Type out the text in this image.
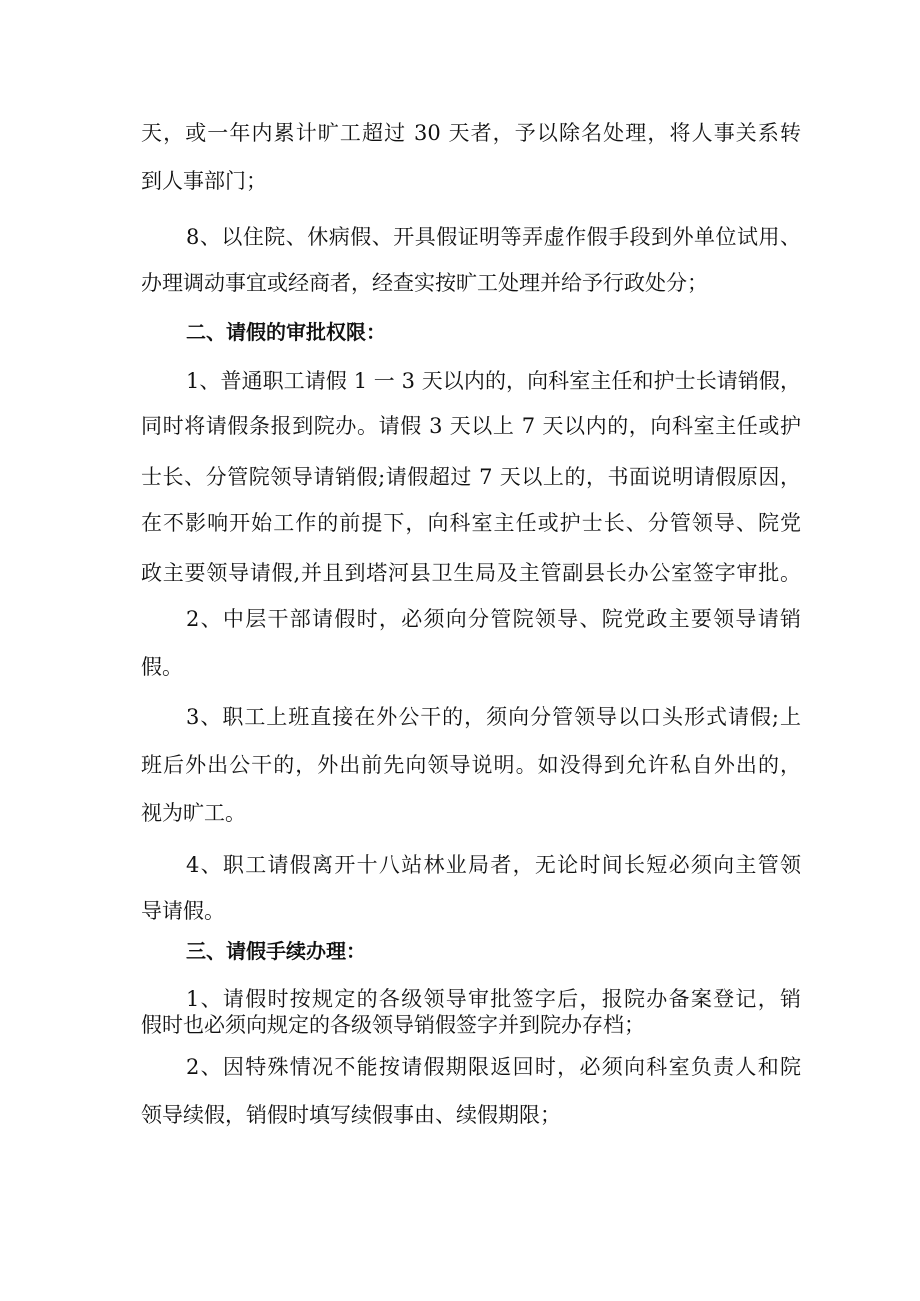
天，或一年内累计旷工超过 30 天者，予以除名处理，将人事关系转
到人事部门；
8、以住院、休病假、开具假证明等弄虚作假手段到外单位试用、
办理调动事宜或经商者，经查实按旷工处理并给予行政处分；
二、请假的审批权限：
1、普通职工请假 1 一 3 天以内的，向科室主任和护士长请销假，
同时将请假条报到院办。请假 3 天以上 7 天以内的，向科室主任或护
士长、分管院领导请销假;请假超过 7 天以上的，书面说明请假原因，
在不影响开始工作的前提下，向科室主任或护士长、分管领导、院党
政主要领导请假,并且到塔河县卫生局及主管副县长办公室签字审批。
2、中层干部请假时，必须向分管院领导、院党政主要领导请销
假。
3、职工上班直接在外公干的，须向分管领导以口头形式请假;上
班后外出公干的，外出前先向领导说明。如没得到允许私自外出的，
视为旷工。
4、职工请假离开十八站林业局者，无论时间长短必须向主管领
导请假。
三、请假手续办理：
1、请假时按规定的各级领导审批签字后，报院办备案登记，销
假时也必须向规定的各级领导销假签字并到院办存档；
2、因特殊情况不能按请假期限返回时，必须向科室负责人和院
领导续假，销假时填写续假事由、续假期限；
